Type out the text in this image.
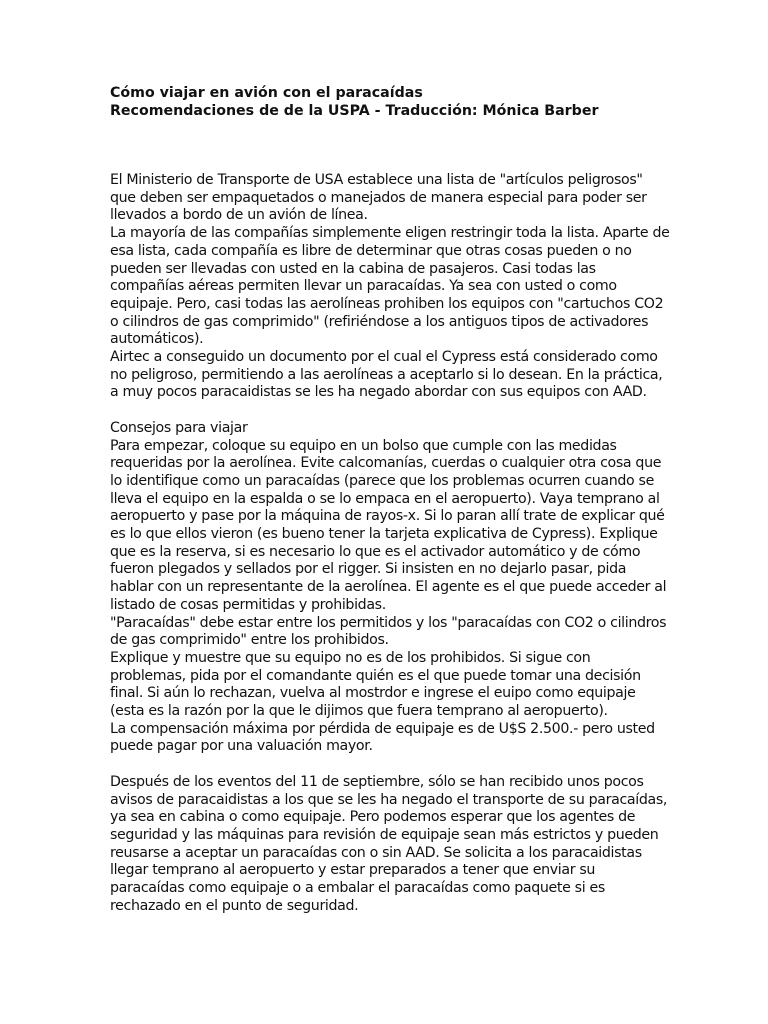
Cómo viajar en avión con el paracaídas

Recomendaciones de de la USPA - Traducción: Mónica Barber

El Ministerio de Transporte de USA establece una lista de "artículos peligrosos" que deben ser empaquetados o manejados de manera especial para poder ser llevados a bordo de un avión de línea.

La mayoría de las compañías simplemente eligen restringir toda la lista. Aparte de esa lista, cada compañía es libre de determinar que otras cosas pueden o no pueden ser llevadas con usted en la cabina de pasajeros. Casi todas las compañías aéreas permiten llevar un paracaídas. Ya sea con usted o como equipaje. Pero, casi todas las aerolíneas prohiben los equipos con "cartuchos CO2 o cilindros de gas comprimido" (refiriéndose a los antiguos tipos de activadores automáticos).

Airtec a conseguido un documento por el cual el Cypress está considerado como no peligroso, permitiendo a las aerolíneas a aceptarlo si lo desean. En la práctica, a muy pocos paracaidistas se les ha negado abordar con sus equipos con AAD.

Consejos para viajar

Para empezar, coloque su equipo en un bolso que cumple con las medidas requeridas por la aerolínea. Evite calcomanías, cuerdas o cualquier otra cosa que lo identifique como un paracaídas (parece que los problemas ocurren cuando se lleva el equipo en la espalda o se lo empaca en el aeropuerto). Vaya temprano al aeropuerto y pase por la máquina de rayos-x. Si lo paran allí trate de explicar qué es lo que ellos vieron (es bueno tener la tarjeta explicativa de Cypress). Explique que es la reserva, si es necesario lo que es el activador automático y de cómo fueron plegados y sellados por el rigger. Si insisten en no dejarlo pasar, pida hablar con un representante de la aerolínea. El agente es el que puede acceder al listado de cosas permitidas y prohibidas.

"Paracaídas" debe estar entre los permitidos y los "paracaídas con CO2 o cilindros de gas comprimido" entre los prohibidos.

Explique y muestre que su equipo no es de los prohibidos. Si sigue con problemas, pida por el comandante quién es el que puede tomar una decisión final. Si aún lo rechazan, vuelva al mostrdor e ingrese el euipo como equipaje (esta es la razón por la que le dijimos que fuera temprano al aeropuerto).

La compensación máxima por pérdida de equipaje es de U$S 2.500.- pero usted puede pagar por una valuación mayor.

Después de los eventos del 11 de septiembre, sólo se han recibido unos pocos avisos de paracaidistas a los que se les ha negado el transporte de su paracaídas, ya sea en cabina o como equipaje. Pero podemos esperar que los agentes de seguridad y las máquinas para revisión de equipaje sean más estrictos y pueden reusarse a aceptar un paracaídas con o sin AAD. Se solicita a los paracaidistas llegar temprano al aeropuerto y estar preparados a tener que enviar su paracaídas como equipaje o a embalar el paracaídas como paquete si es rechazado en el punto de seguridad.
